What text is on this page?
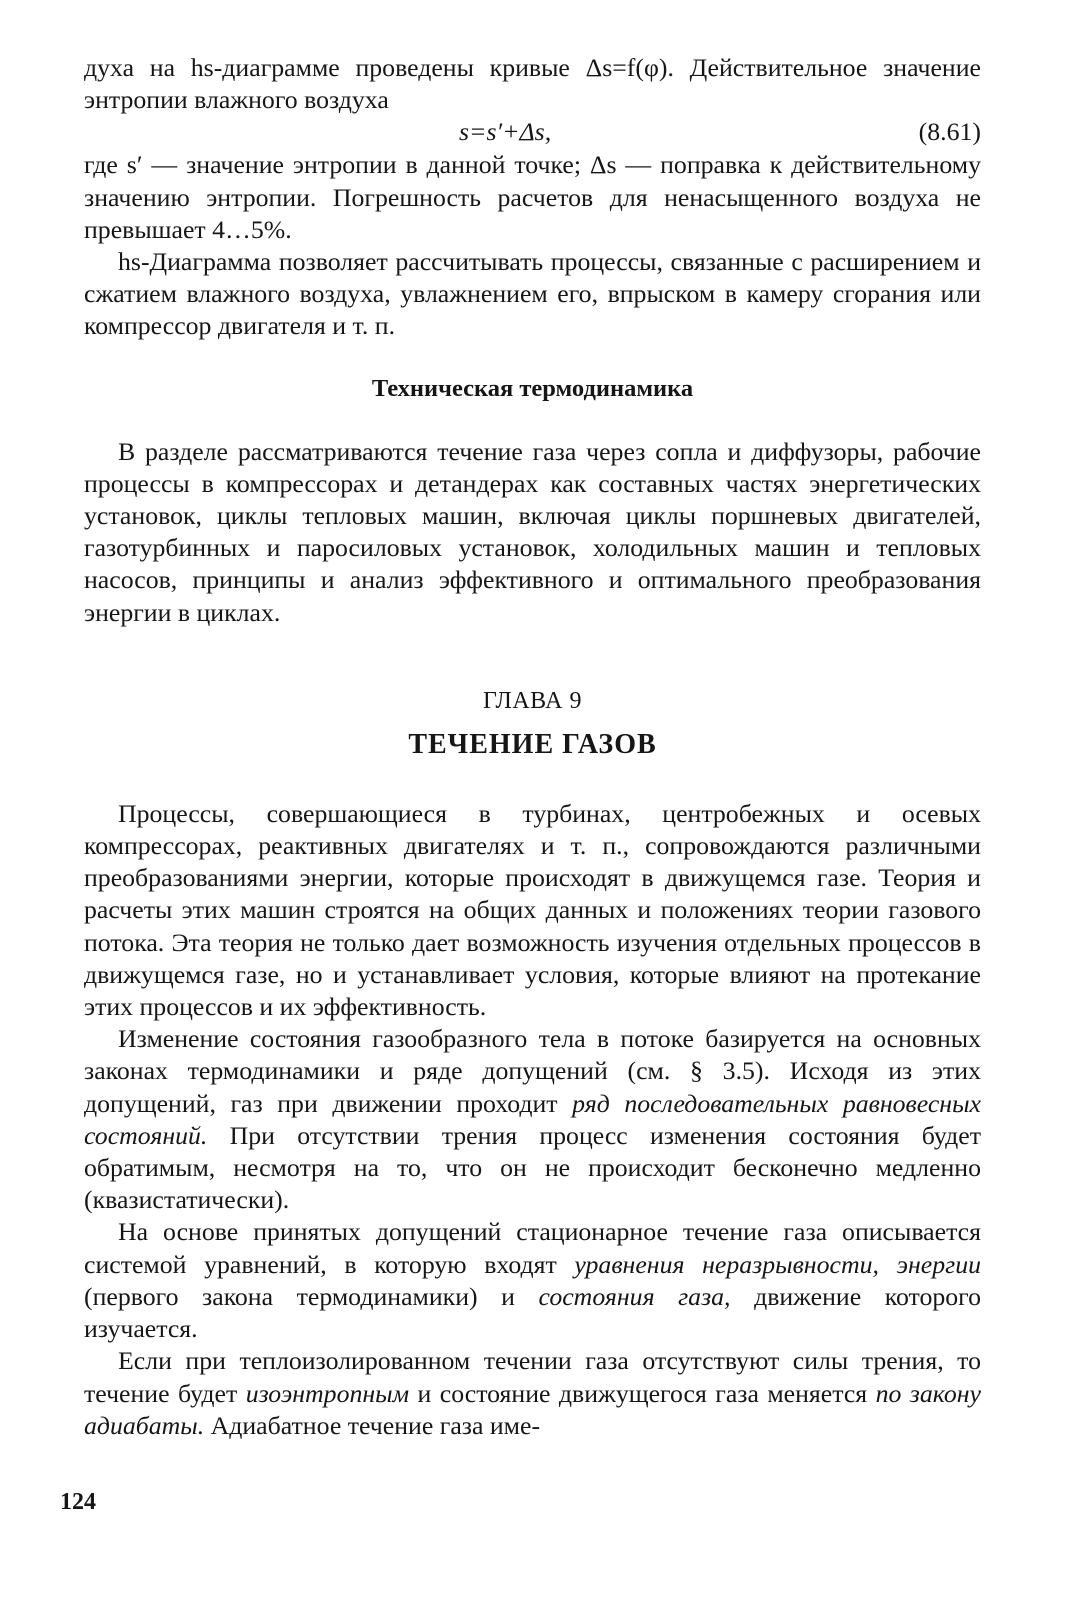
духа на hs-диаграмме проведены кривые Δs=f(φ). Действительное значение энтропии влажного воздуха

s=s′+Δs,	(8.61)

где s′ — значение энтропии в данной точке; Δs — поправка к действительному значению энтропии. Погрешность расчетов для ненасыщенного воздуха не превышает 4…5%.

hs-Диаграмма позволяет рассчитывать процессы, связанные с расширением и сжатием влажного воздуха, увлажнением его, впрыском в камеру сгорания или компрессор двигателя и т. п.

Техническая термодинамика

В разделе рассматриваются течение газа через сопла и диффузоры, рабочие процессы в компрессорах и детандерах как составных частях энергетических установок, циклы тепловых машин, включая циклы поршневых двигателей, газотурбинных и паросиловых установок, холодильных машин и тепловых насосов, принципы и анализ эффективного и оптимального преобразования энергии в циклах.

ГЛАВА 9
ТЕЧЕНИЕ ГАЗОВ

Процессы, совершающиеся в турбинах, центробежных и осевых компрессорах, реактивных двигателях и т. п., сопровождаются различными преобразованиями энергии, которые происходят в движущемся газе. Теория и расчеты этих машин строятся на общих данных и положениях теории газового потока. Эта теория не только дает возможность изучения отдельных процессов в движущемся газе, но и устанавливает условия, которые влияют на протекание этих процессов и их эффективность.

Изменение состояния газообразного тела в потоке базируется на основных законах термодинамики и ряде допущений (см. § 3.5). Исходя из этих допущений, газ при движении проходит ряд последовательных равновесных состояний. При отсутствии трения процесс изменения состояния будет обратимым, несмотря на то, что он не происходит бесконечно медленно (квазистатически).

На основе принятых допущений стационарное течение газа описывается системой уравнений, в которую входят уравнения неразрывности, энергии (первого закона термодинамики) и состояния газа, движение которого изучается.

Если при теплоизолированном течении газа отсутствуют силы трения, то течение будет изоэнтропным и состояние движущегося газа меняется по закону адиабаты. Адиабатное течение газа име-

124
